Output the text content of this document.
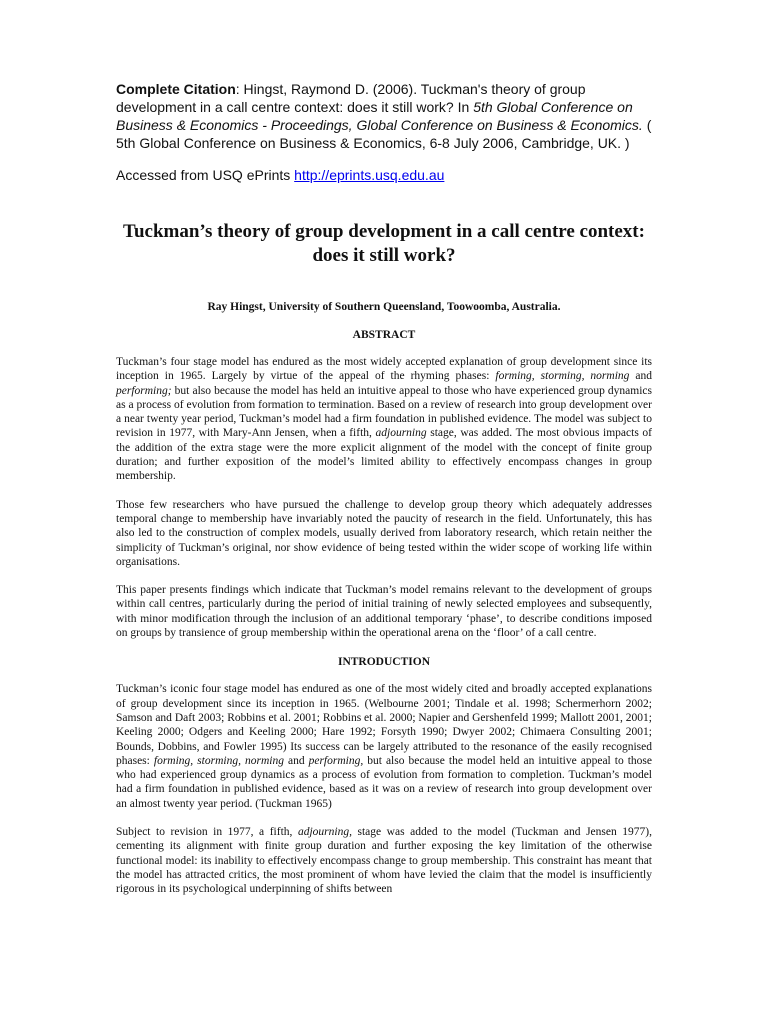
Complete Citation: Hingst, Raymond D. (2006). Tuckman's theory of group development in a call centre context: does it still work? In 5th Global Conference on Business & Economics - Proceedings, Global Conference on Business & Economics. ( 5th Global Conference on Business & Economics, 6-8 July 2006, Cambridge, UK. )

Accessed from USQ ePrints http://eprints.usq.edu.au

Tuckman’s theory of group development in a call centre context: does it still work?

Ray Hingst, University of Southern Queensland, Toowoomba, Australia.

ABSTRACT

Tuckman’s four stage model has endured as the most widely accepted explanation of group development since its inception in 1965. Largely by virtue of the appeal of the rhyming phases: forming, storming, norming and performing; but also because the model has held an intuitive appeal to those who have experienced group dynamics as a process of evolution from formation to termination. Based on a review of research into group development over a near twenty year period, Tuckman’s model had a firm foundation in published evidence. The model was subject to revision in 1977, with Mary-Ann Jensen, when a fifth, adjourning stage, was added. The most obvious impacts of the addition of the extra stage were the more explicit alignment of the model with the concept of finite group duration; and further exposition of the model’s limited ability to effectively encompass changes in group membership.

Those few researchers who have pursued the challenge to develop group theory which adequately addresses temporal change to membership have invariably noted the paucity of research in the field. Unfortunately, this has also led to the construction of complex models, usually derived from laboratory research, which retain neither the simplicity of Tuckman’s original, nor show evidence of being tested within the wider scope of working life within organisations.

This paper presents findings which indicate that Tuckman’s model remains relevant to the development of groups within call centres, particularly during the period of initial training of newly selected employees and subsequently, with minor modification through the inclusion of an additional temporary ‘phase’, to describe conditions imposed on groups by transience of group membership within the operational arena on the ‘floor’ of a call centre.

INTRODUCTION

Tuckman’s iconic four stage model has endured as one of the most widely cited and broadly accepted explanations of group development since its inception in 1965. (Welbourne 2001; Tindale et al. 1998; Schermerhorn 2002; Samson and Daft 2003; Robbins et al. 2001; Robbins et al. 2000; Napier and Gershenfeld 1999; Mallott 2001, 2001; Keeling 2000; Odgers and Keeling 2000; Hare 1992; Forsyth 1990; Dwyer 2002; Chimaera Consulting 2001; Bounds, Dobbins, and Fowler 1995) Its success can be largely attributed to the resonance of the easily recognised phases: forming, storming, norming and performing, but also because the model held an intuitive appeal to those who had experienced group dynamics as a process of evolution from formation to completion. Tuckman’s model had a firm foundation in published evidence, based as it was on a review of research into group development over an almost twenty year period. (Tuckman 1965)

Subject to revision in 1977, a fifth, adjourning, stage was added to the model (Tuckman and Jensen 1977), cementing its alignment with finite group duration and further exposing the key limitation of the otherwise functional model: its inability to effectively encompass change to group membership. This constraint has meant that the model has attracted critics, the most prominent of whom have levied the claim that the model is insufficiently rigorous in its psychological underpinning of shifts between
